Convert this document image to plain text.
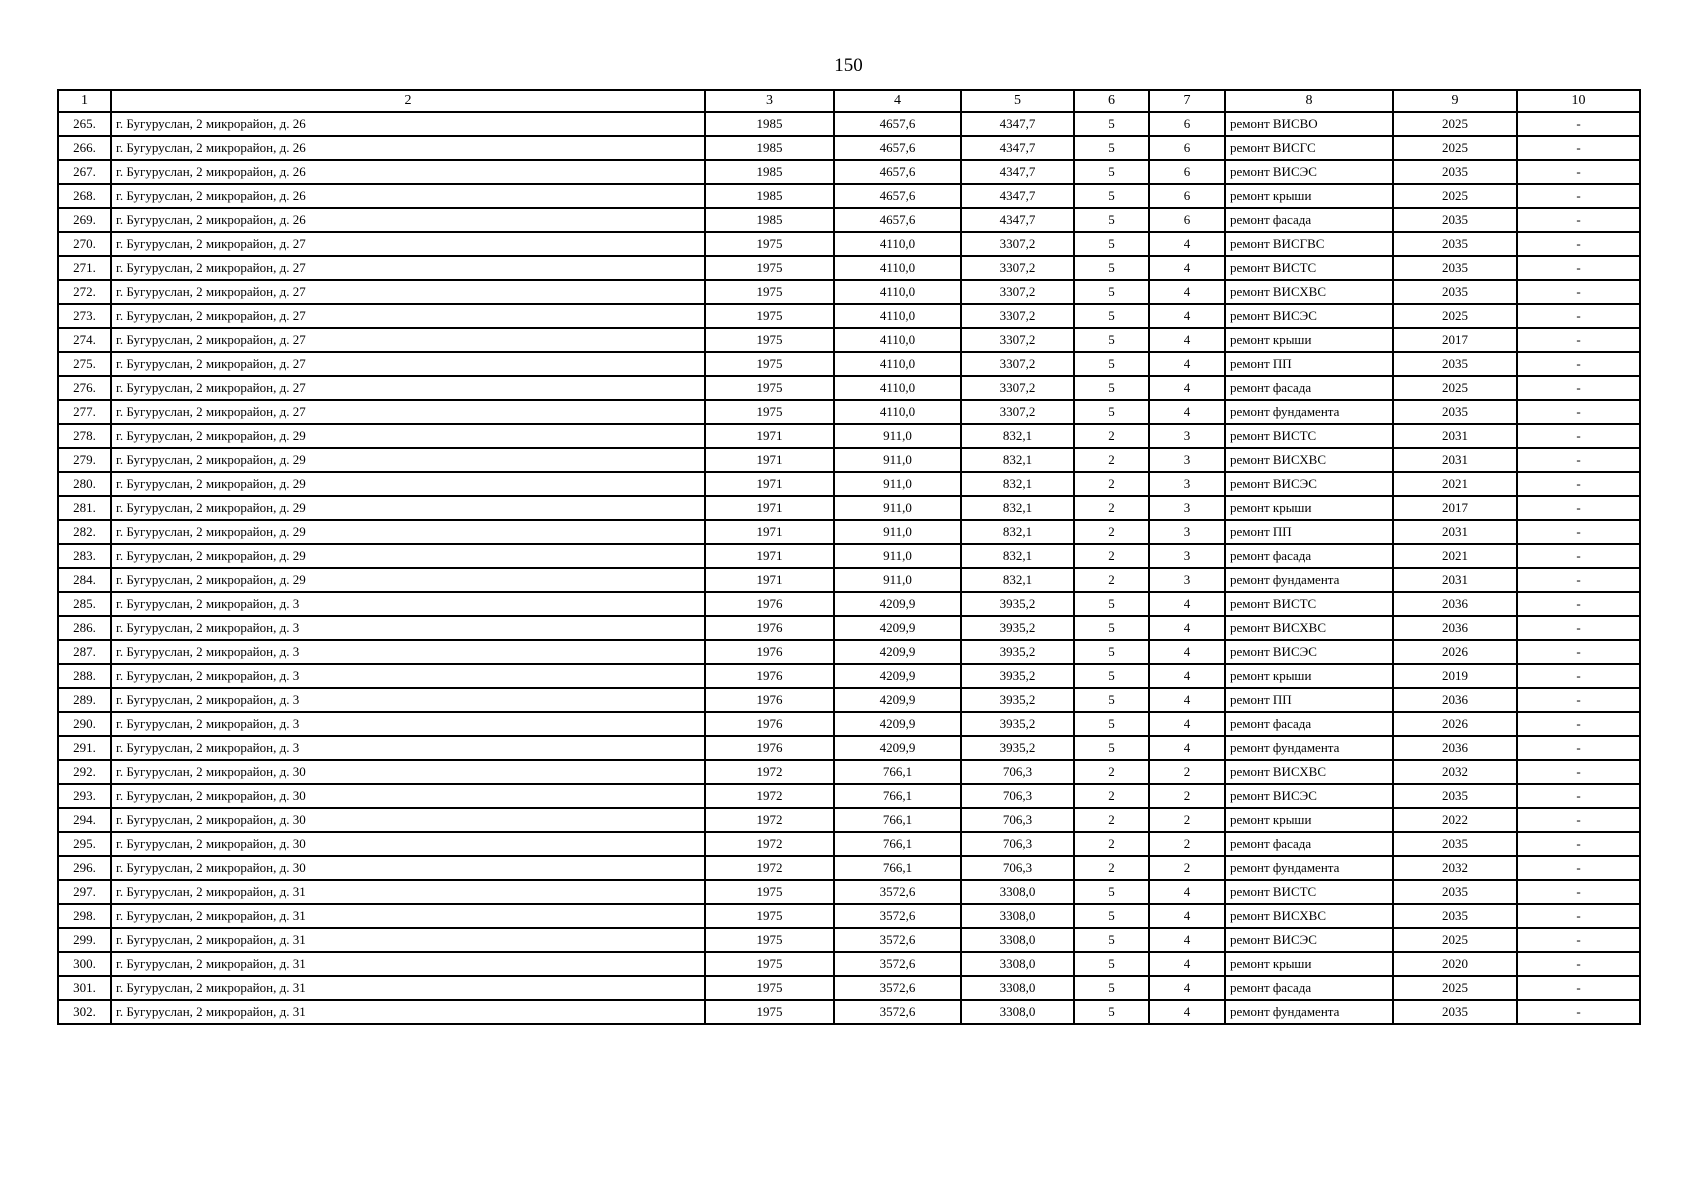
150
1	2	3	4	5	6	7	8	9	10
265.	г. Бугуруслан, 2 микрорайон, д. 26	1985	4657,6	4347,7	5	6	ремонт ВИСВО	2025	-
266.	г. Бугуруслан, 2 микрорайон, д. 26	1985	4657,6	4347,7	5	6	ремонт ВИСГС	2025	-
267.	г. Бугуруслан, 2 микрорайон, д. 26	1985	4657,6	4347,7	5	6	ремонт ВИСЭС	2035	-
268.	г. Бугуруслан, 2 микрорайон, д. 26	1985	4657,6	4347,7	5	6	ремонт крыши	2025	-
269.	г. Бугуруслан, 2 микрорайон, д. 26	1985	4657,6	4347,7	5	6	ремонт фасада	2035	-
270.	г. Бугуруслан, 2 микрорайон, д. 27	1975	4110,0	3307,2	5	4	ремонт ВИСГВС	2035	-
271.	г. Бугуруслан, 2 микрорайон, д. 27	1975	4110,0	3307,2	5	4	ремонт ВИСТС	2035	-
272.	г. Бугуруслан, 2 микрорайон, д. 27	1975	4110,0	3307,2	5	4	ремонт ВИСХВС	2035	-
273.	г. Бугуруслан, 2 микрорайон, д. 27	1975	4110,0	3307,2	5	4	ремонт ВИСЭС	2025	-
274.	г. Бугуруслан, 2 микрорайон, д. 27	1975	4110,0	3307,2	5	4	ремонт крыши	2017	-
275.	г. Бугуруслан, 2 микрорайон, д. 27	1975	4110,0	3307,2	5	4	ремонт ПП	2035	-
276.	г. Бугуруслан, 2 микрорайон, д. 27	1975	4110,0	3307,2	5	4	ремонт фасада	2025	-
277.	г. Бугуруслан, 2 микрорайон, д. 27	1975	4110,0	3307,2	5	4	ремонт фундамента	2035	-
278.	г. Бугуруслан, 2 микрорайон, д. 29	1971	911,0	832,1	2	3	ремонт ВИСТС	2031	-
279.	г. Бугуруслан, 2 микрорайон, д. 29	1971	911,0	832,1	2	3	ремонт ВИСХВС	2031	-
280.	г. Бугуруслан, 2 микрорайон, д. 29	1971	911,0	832,1	2	3	ремонт ВИСЭС	2021	-
281.	г. Бугуруслан, 2 микрорайон, д. 29	1971	911,0	832,1	2	3	ремонт крыши	2017	-
282.	г. Бугуруслан, 2 микрорайон, д. 29	1971	911,0	832,1	2	3	ремонт ПП	2031	-
283.	г. Бугуруслан, 2 микрорайон, д. 29	1971	911,0	832,1	2	3	ремонт фасада	2021	-
284.	г. Бугуруслан, 2 микрорайон, д. 29	1971	911,0	832,1	2	3	ремонт фундамента	2031	-
285.	г. Бугуруслан, 2 микрорайон, д. 3	1976	4209,9	3935,2	5	4	ремонт ВИСТС	2036	-
286.	г. Бугуруслан, 2 микрорайон, д. 3	1976	4209,9	3935,2	5	4	ремонт ВИСХВС	2036	-
287.	г. Бугуруслан, 2 микрорайон, д. 3	1976	4209,9	3935,2	5	4	ремонт ВИСЭС	2026	-
288.	г. Бугуруслан, 2 микрорайон, д. 3	1976	4209,9	3935,2	5	4	ремонт крыши	2019	-
289.	г. Бугуруслан, 2 микрорайон, д. 3	1976	4209,9	3935,2	5	4	ремонт ПП	2036	-
290.	г. Бугуруслан, 2 микрорайон, д. 3	1976	4209,9	3935,2	5	4	ремонт фасада	2026	-
291.	г. Бугуруслан, 2 микрорайон, д. 3	1976	4209,9	3935,2	5	4	ремонт фундамента	2036	-
292.	г. Бугуруслан, 2 микрорайон, д. 30	1972	766,1	706,3	2	2	ремонт ВИСХВС	2032	-
293.	г. Бугуруслан, 2 микрорайон, д. 30	1972	766,1	706,3	2	2	ремонт ВИСЭС	2035	-
294.	г. Бугуруслан, 2 микрорайон, д. 30	1972	766,1	706,3	2	2	ремонт крыши	2022	-
295.	г. Бугуруслан, 2 микрорайон, д. 30	1972	766,1	706,3	2	2	ремонт фасада	2035	-
296.	г. Бугуруслан, 2 микрорайон, д. 30	1972	766,1	706,3	2	2	ремонт фундамента	2032	-
297.	г. Бугуруслан, 2 микрорайон, д. 31	1975	3572,6	3308,0	5	4	ремонт ВИСТС	2035	-
298.	г. Бугуруслан, 2 микрорайон, д. 31	1975	3572,6	3308,0	5	4	ремонт ВИСХВС	2035	-
299.	г. Бугуруслан, 2 микрорайон, д. 31	1975	3572,6	3308,0	5	4	ремонт ВИСЭС	2025	-
300.	г. Бугуруслан, 2 микрорайон, д. 31	1975	3572,6	3308,0	5	4	ремонт крыши	2020	-
301.	г. Бугуруслан, 2 микрорайон, д. 31	1975	3572,6	3308,0	5	4	ремонт фасада	2025	-
302.	г. Бугуруслан, 2 микрорайон, д. 31	1975	3572,6	3308,0	5	4	ремонт фундамента	2035	-
